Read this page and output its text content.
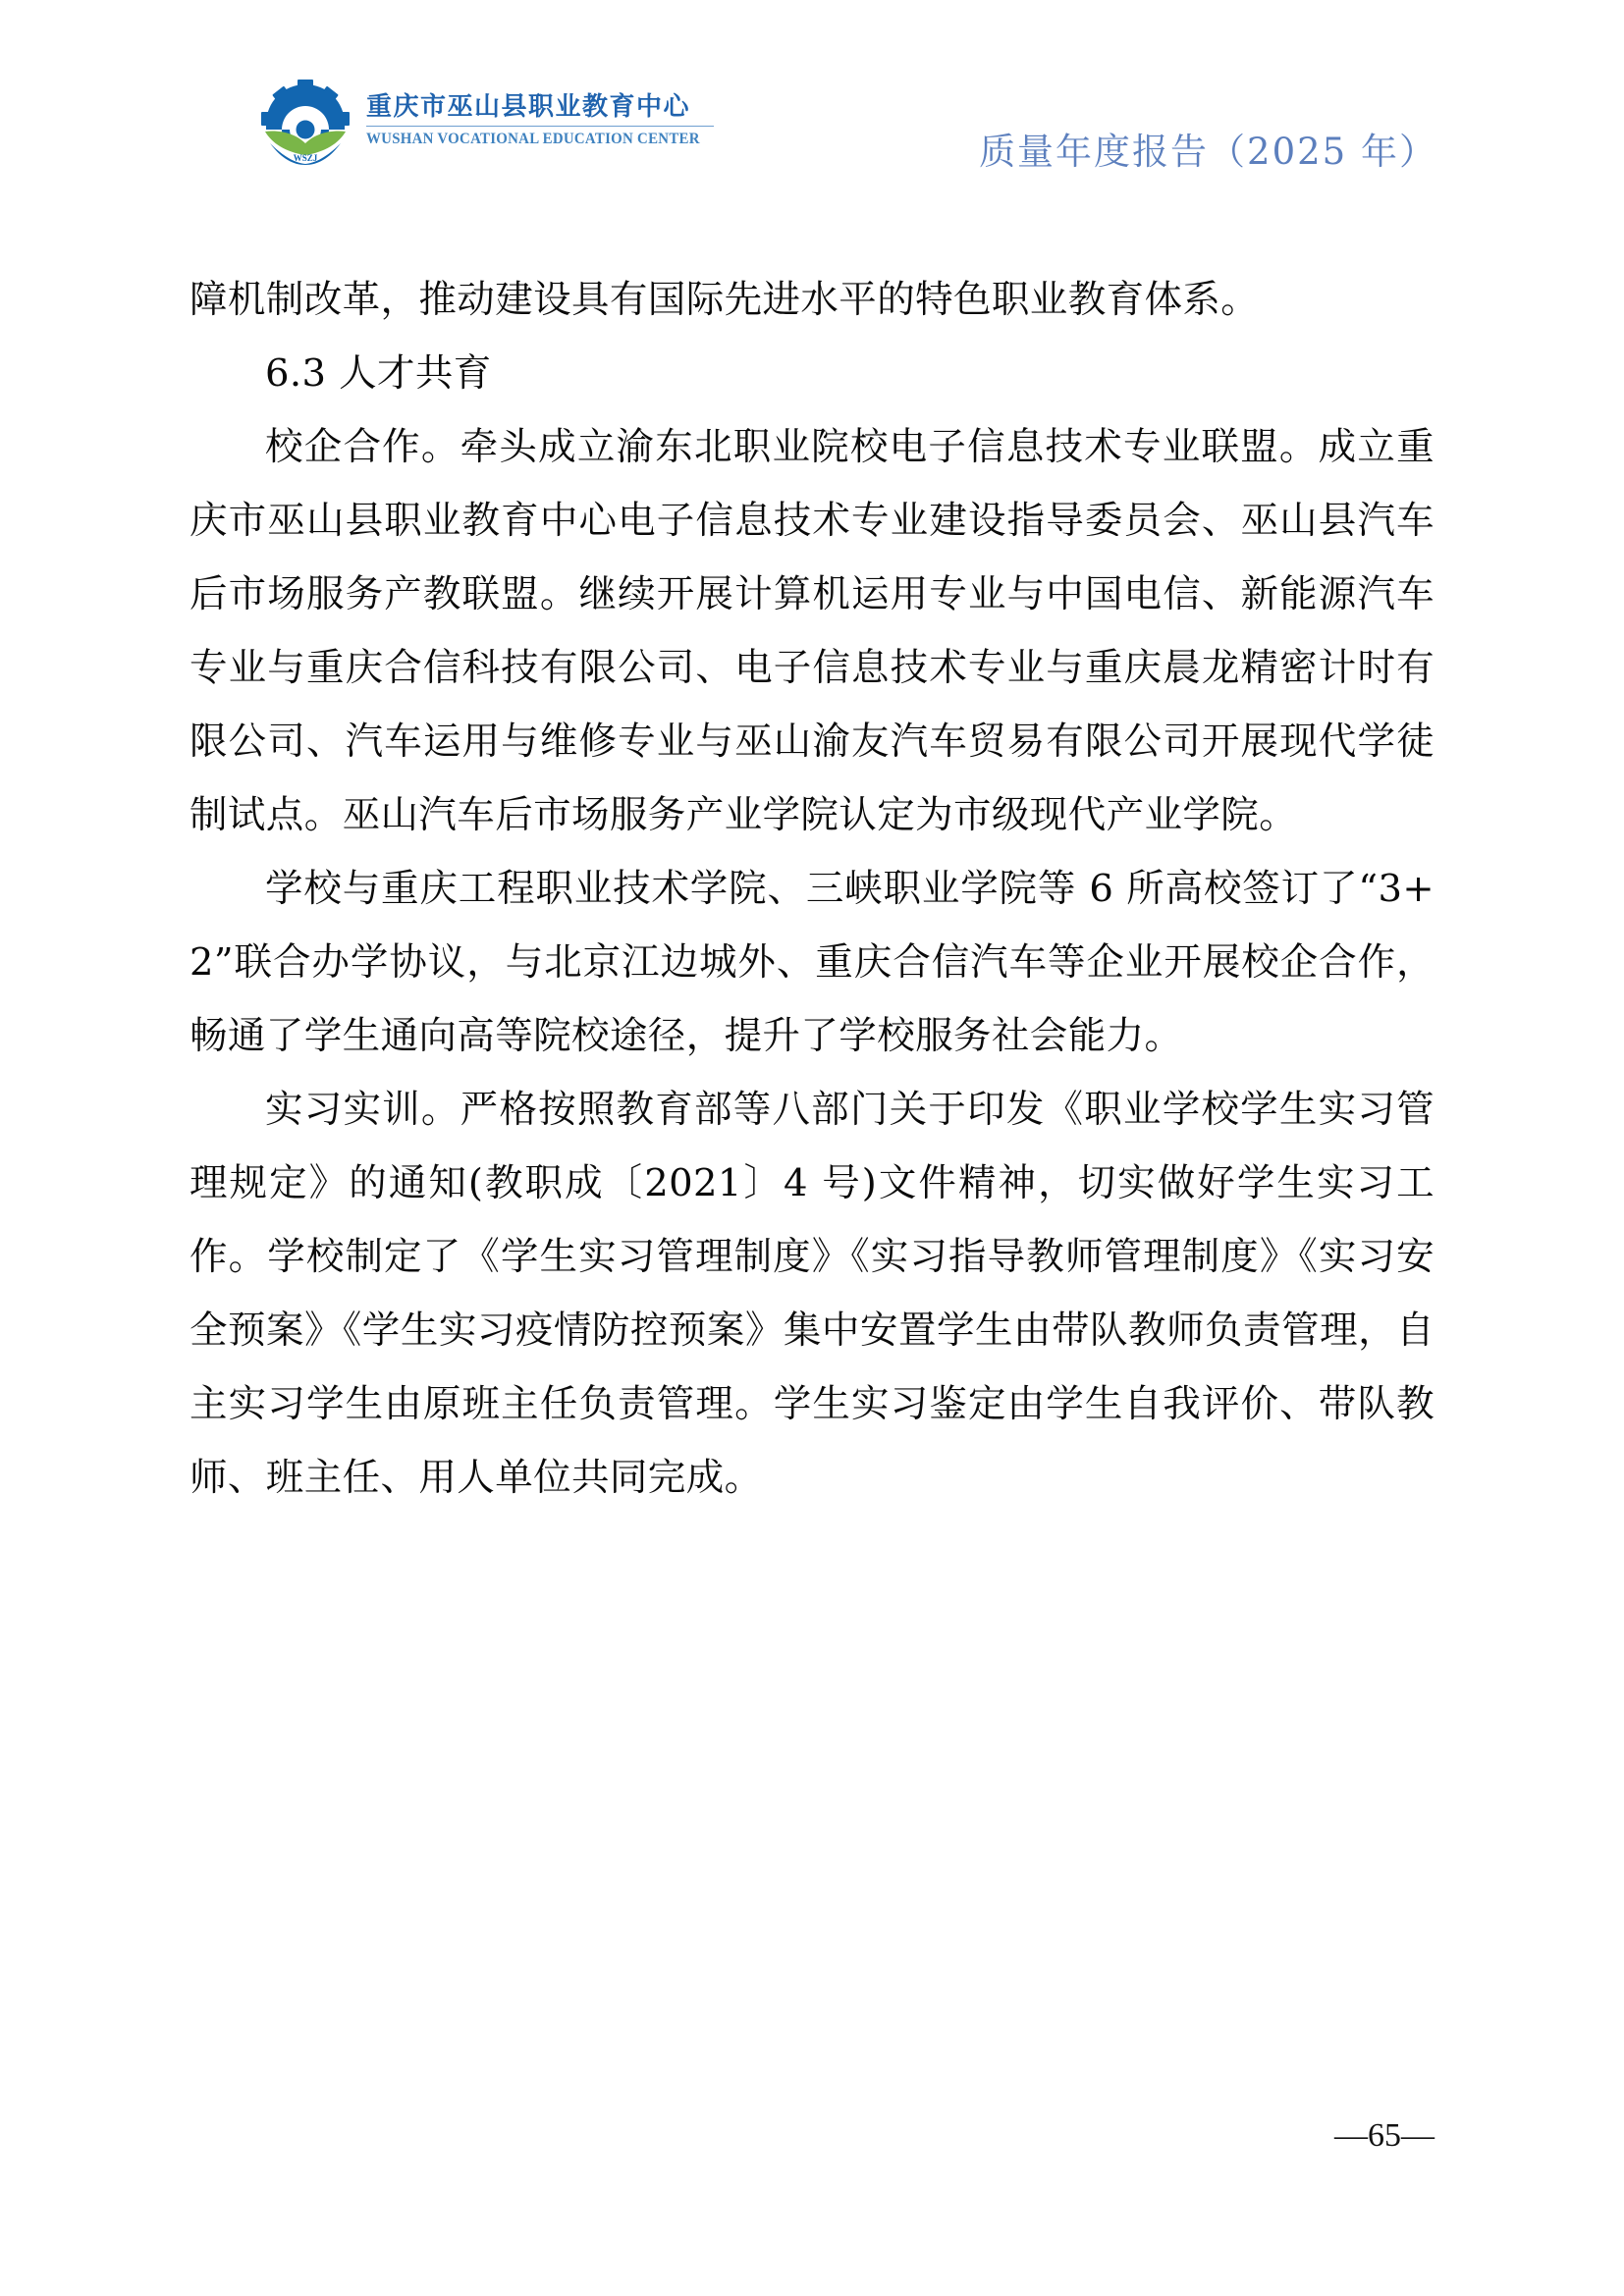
WSZJ
重庆市巫山县职业教育中心
WUSHAN VOCATIONAL EDUCATION CENTER	质量年度报告（2025 年）

障机制改革，推动建设具有国际先进水平的特色职业教育体系。

6.3 人才共育

校企合作。牵头成立渝东北职业院校电子信息技术专业联盟。成立重庆市巫山县职业教育中心电子信息技术专业建设指导委员会、巫山县汽车后市场服务产教联盟。继续开展计算机运用专业与中国电信、新能源汽车专业与重庆合信科技有限公司、电子信息技术专业与重庆晨龙精密计时有限公司、汽车运用与维修专业与巫山渝友汽车贸易有限公司开展现代学徒制试点。巫山汽车后市场服务产业学院认定为市级现代产业学院。

学校与重庆工程职业技术学院、三峡职业学院等 6 所高校签订了“3+2”联合办学协议，与北京江边城外、重庆合信汽车等企业开展校企合作，畅通了学生通向高等院校途径，提升了学校服务社会能力。

实习实训。严格按照教育部等八部门关于印发《职业学校学生实习管理规定》的通知(教职成〔2021〕4 号)文件精神，切实做好学生实习工作。学校制定了《学生实习管理制度》《实习指导教师管理制度》《实习安全预案》《学生实习疫情防控预案》集中安置学生由带队教师负责管理，自主实习学生由原班主任负责管理。学生实习鉴定由学生自我评价、带队教师、班主任、用人单位共同完成。

—65—
